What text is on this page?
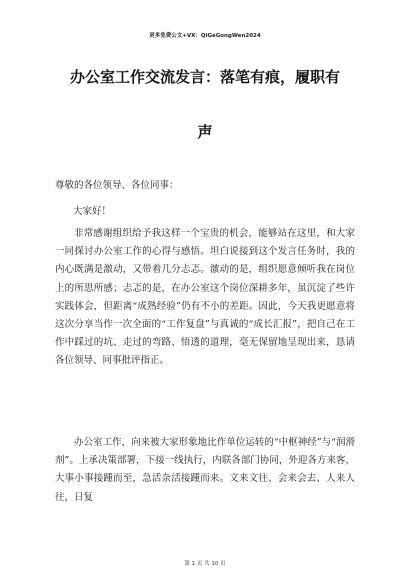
更多免费公文+VX：QiGeGongWen2024
办公室工作交流发言：落笔有痕，履职有
声
尊敬的各位领导、各位同事：
大家好！

非常感谢组织给予我这样一个宝贵的机会，能够站在这里，和大家一同探讨办公室工作的心得与感悟。坦白说接到这个发言任务时，我的内心既满是激动，又带着几分忐忑。激动的是，组织愿意倾听我在岗位上的所思所感；忐忑的是，在办公室这个岗位深耕多年，虽沉淀了些许实践体会，但距离“成熟经验”仍有不小的差距。因此，今天我更愿意将这次分享当作一次全面的“工作复盘”与真诚的“成长汇报”，把自己在工作中踩过的坑、走过的弯路、悟透的道理，毫无保留地呈现出来，恳请各位领导、同事批评指正。

办公室工作，向来被大家形象地比作单位运转的“中枢神经”与“润滑剂”。上承决策部署，下接一线执行，内联各部门协同，外迎各方来客，大事小事接踵而至，急活杂活接踵而来。文来文往、会来会去、人来人往，日复

第 1 页 共 10 页
